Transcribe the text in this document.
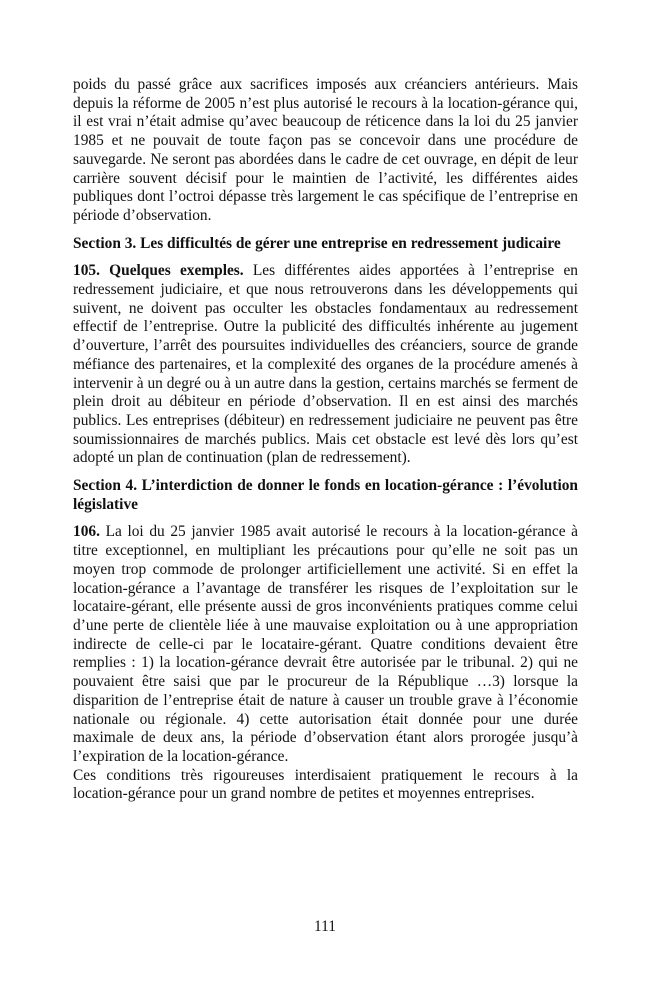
poids du passé grâce aux sacrifices imposés aux créanciers antérieurs. Mais depuis la réforme de 2005 n’est plus autorisé le recours à la location-gérance qui, il est vrai n’était admise qu’avec beaucoup de réticence dans la loi du 25 janvier 1985 et ne pouvait de toute façon pas se concevoir dans une procédure de sauvegarde. Ne seront pas abordées dans le cadre de cet ouvrage, en dépit de leur carrière souvent décisif pour le maintien de l’activité, les différentes aides publiques dont l’octroi dépasse très largement le cas spécifique de l’entreprise en période d’observation.

Section 3. Les difficultés de gérer une entreprise en redressement judicaire

105. Quelques exemples. Les différentes aides apportées à l’entreprise en redressement judiciaire, et que nous retrouverons dans les développements qui suivent, ne doivent pas occulter les obstacles fondamentaux au redressement effectif de l’entreprise. Outre la publicité des difficultés inhérente au jugement d’ouverture, l’arrêt des poursuites individuelles des créanciers, source de grande méfiance des partenaires, et la complexité des organes de la procédure amenés à intervenir à un degré ou à un autre dans la gestion, certains marchés se ferment de plein droit au débiteur en période d’observation. Il en est ainsi des marchés publics. Les entreprises (débiteur) en redressement judiciaire ne peuvent pas être soumissionnaires de marchés publics. Mais cet obstacle est levé dès lors qu’est adopté un plan de continuation (plan de redressement).

Section 4. L’interdiction de donner le fonds en location-gérance : l’évolution législative

106. La loi du 25 janvier 1985 avait autorisé le recours à la location-gérance à titre exceptionnel, en multipliant les précautions pour qu’elle ne soit pas un moyen trop commode de prolonger artificiellement une activité. Si en effet la location-gérance a l’avantage de transférer les risques de l’exploitation sur le locataire-gérant, elle présente aussi de gros inconvénients pratiques comme celui d’une perte de clientèle liée à une mauvaise exploitation ou à une appropriation indirecte de celle-ci par le locataire-gérant. Quatre conditions devaient être remplies : 1) la location-gérance devrait être autorisée par le tribunal. 2) qui ne pouvaient être saisi que par le procureur de la République …3) lorsque la disparition de l’entreprise était de nature à causer un trouble grave à l’économie nationale ou régionale. 4) cette autorisation était donnée pour une durée maximale de deux ans, la période d’observation étant alors prorogée jusqu’à l’expiration de la location-gérance.

Ces conditions très rigoureuses interdisaient pratiquement le recours à la location-gérance pour un grand nombre de petites et moyennes entreprises.

111
